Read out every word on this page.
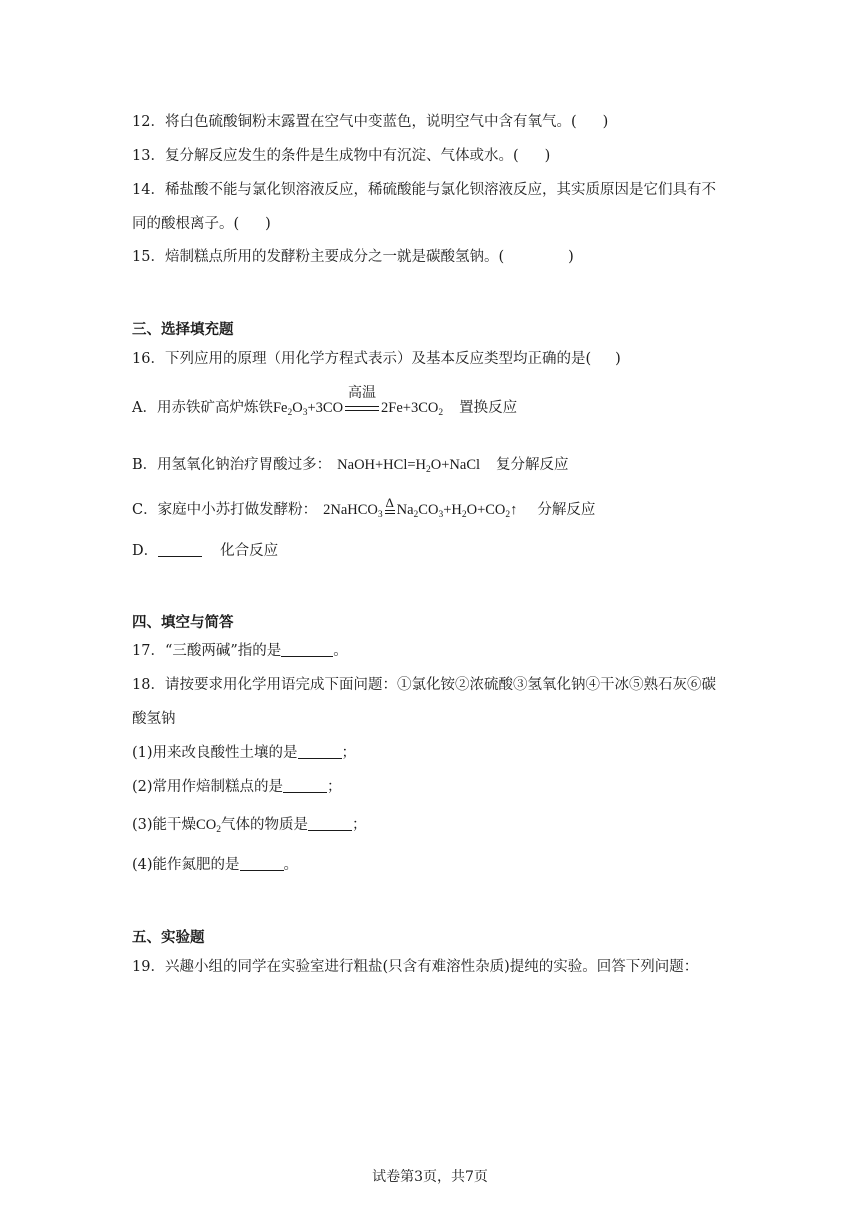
12．将白色硫酸铜粉末露置在空气中变蓝色，说明空气中含有氧气。( )
13．复分解反应发生的条件是生成物中有沉淀、气体或水。( )
14．稀盐酸不能与氯化钡溶液反应，稀硫酸能与氯化钡溶液反应，其实质原因是它们具有不
同的酸根离子。( )
15．焙制糕点所用的发酵粉主要成分之一就是碳酸氢钠。(	)
三、选择填充题
16．下列应用的原理（用化学方程式表示）及基本反应类型均正确的是( )
A．用赤铁矿高炉炼铁$Fe_2O_3+3CO$
高温
$2Fe+3CO_2$ 置换反应
B．用氢氧化钠治疗胃酸过多： $NaOH+HCl=H_2O+NaCl$ 复分解反应
C．家庭中小苏打做发酵粉： 2NaHCO$_3$
Δ $Na_2CO_3+H_2O+CO_2↑$ 分解反应
D．	化合反应
四、填空与简答
17．“三酸两碱”指的是	。
18．请按要求用化学用语完成下面问题：①氯化铵②浓硫酸③氢氧化钠④干冰⑤熟石灰⑥碳
酸氢钠
(1)用来改良酸性土壤的是	；
(2)常用作焙制糕点的是	；
(3)能干燥$CO_2$气体的物质是	；
(4)能作氮肥的是	。
五、实验题
19．兴趣小组的同学在实验室进行粗盐(只含有难溶性杂质)提纯的实验。回答下列问题：
试卷第3页，共7页
